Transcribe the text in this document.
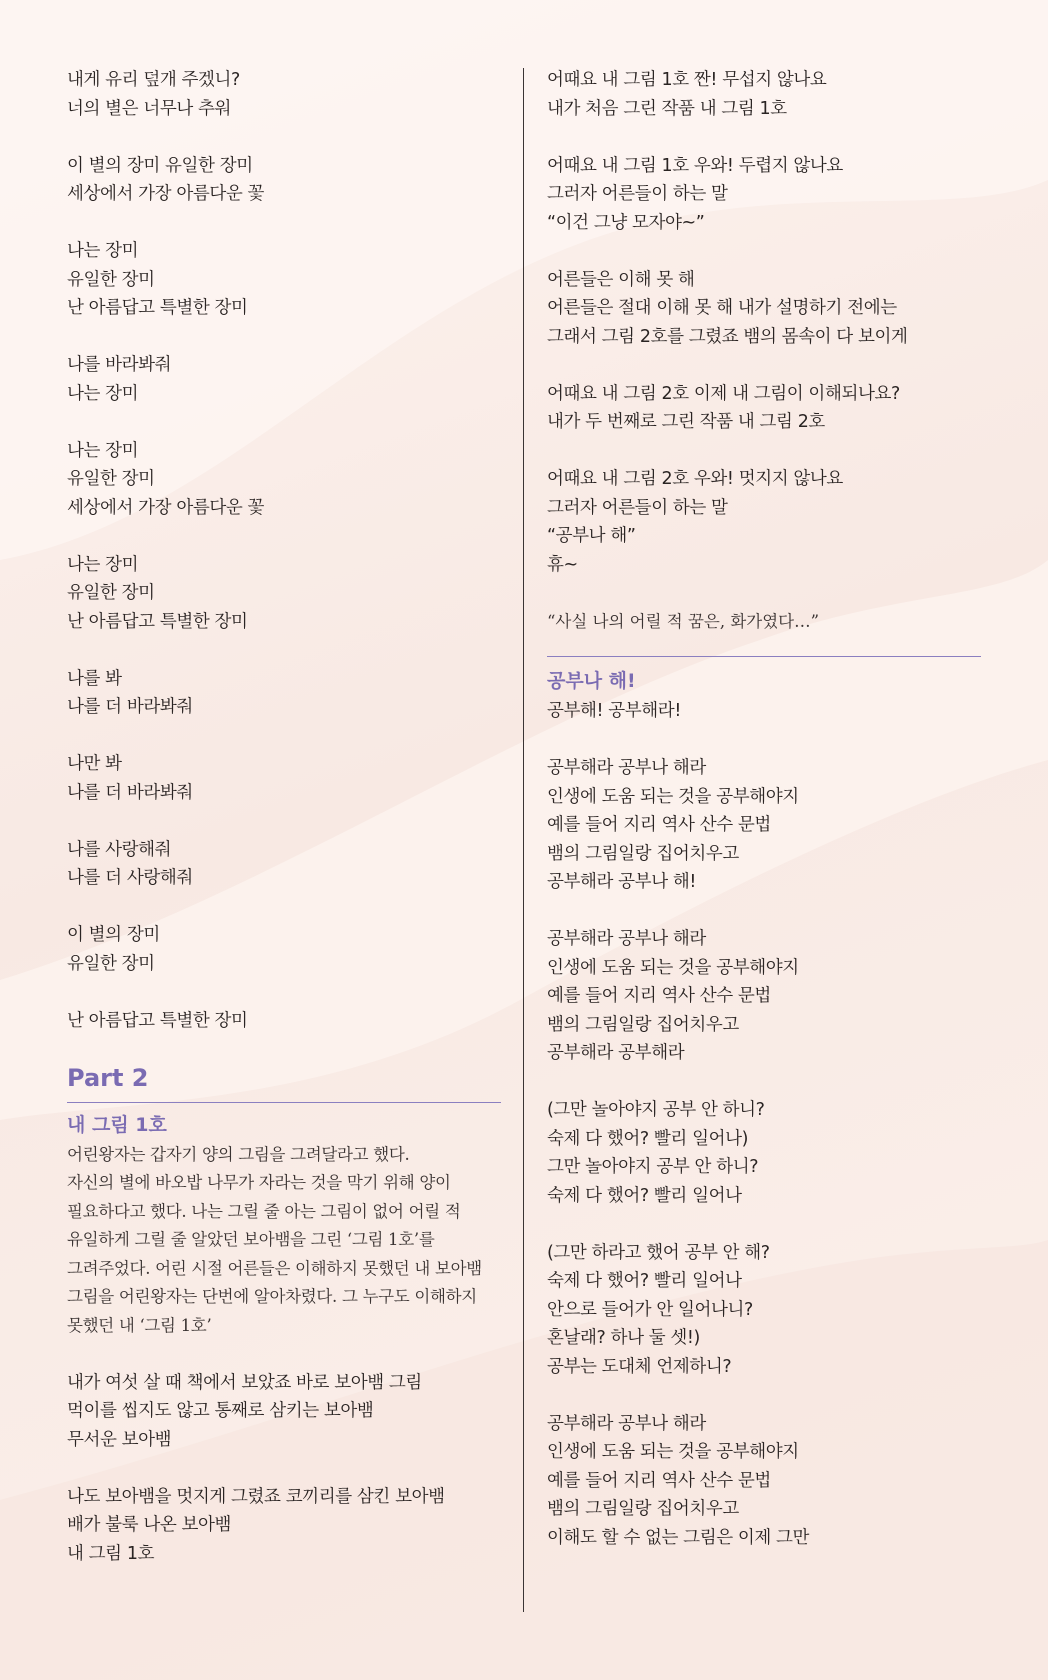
내게 유리 덮개 주겠니?
너의 별은 너무나 추워
이 별의 장미 유일한 장미
세상에서 가장 아름다운 꽃
나는 장미
유일한 장미
난 아름답고 특별한 장미
나를 바라봐줘
나는 장미
나는 장미
유일한 장미
세상에서 가장 아름다운 꽃
나는 장미
유일한 장미
난 아름답고 특별한 장미
나를 봐
나를 더 바라봐줘
나만 봐
나를 더 바라봐줘
나를 사랑해줘
나를 더 사랑해줘
이 별의 장미
유일한 장미
난 아름답고 특별한 장미
Part 2
내 그림 1호
어린왕자는 갑자기 양의 그림을 그려달라고 했다.
자신의 별에 바오밥 나무가 자라는 것을 막기 위해 양이
필요하다고 했다. 나는 그릴 줄 아는 그림이 없어 어릴 적
유일하게 그릴 줄 알았던 보아뱀을 그린 ‘그림 1호’를
그려주었다. 어린 시절 어른들은 이해하지 못했던 내 보아뱀
그림을 어린왕자는 단번에 알아차렸다. 그 누구도 이해하지
못했던 내 ‘그림 1호’
내가 여섯 살 때 책에서 보았죠 바로 보아뱀 그림
먹이를 씹지도 않고 통째로 삼키는 보아뱀
무서운 보아뱀
나도 보아뱀을 멋지게 그렸죠 코끼리를 삼킨 보아뱀
배가 불룩 나온 보아뱀
내 그림 1호
어때요 내 그림 1호 짠! 무섭지 않나요
내가 처음 그린 작품 내 그림 1호
어때요 내 그림 1호 우와! 두렵지 않나요
그러자 어른들이 하는 말
“이건 그냥 모자야~”
어른들은 이해 못 해
어른들은 절대 이해 못 해 내가 설명하기 전에는
그래서 그림 2호를 그렸죠 뱀의 몸속이 다 보이게
어때요 내 그림 2호 이제 내 그림이 이해되나요?
내가 두 번째로 그린 작품 내 그림 2호
어때요 내 그림 2호 우와! 멋지지 않나요
그러자 어른들이 하는 말
“공부나 해”
휴~
“사실 나의 어릴 적 꿈은, 화가였다…”
공부나 해!
공부해! 공부해라!
공부해라 공부나 해라
인생에 도움 되는 것을 공부해야지
예를 들어 지리 역사 산수 문법
뱀의 그림일랑 집어치우고
공부해라 공부나 해!
공부해라 공부나 해라
인생에 도움 되는 것을 공부해야지
예를 들어 지리 역사 산수 문법
뱀의 그림일랑 집어치우고
공부해라 공부해라
(그만 놀아야지 공부 안 하니?
숙제 다 했어? 빨리 일어나)
그만 놀아야지 공부 안 하니?
숙제 다 했어? 빨리 일어나
(그만 하라고 했어 공부 안 해?
숙제 다 했어? 빨리 일어나
안으로 들어가 안 일어나니?
혼날래? 하나 둘 셋!)
공부는 도대체 언제하니?
공부해라 공부나 해라
인생에 도움 되는 것을 공부해야지
예를 들어 지리 역사 산수 문법
뱀의 그림일랑 집어치우고
이해도 할 수 없는 그림은 이제 그만
